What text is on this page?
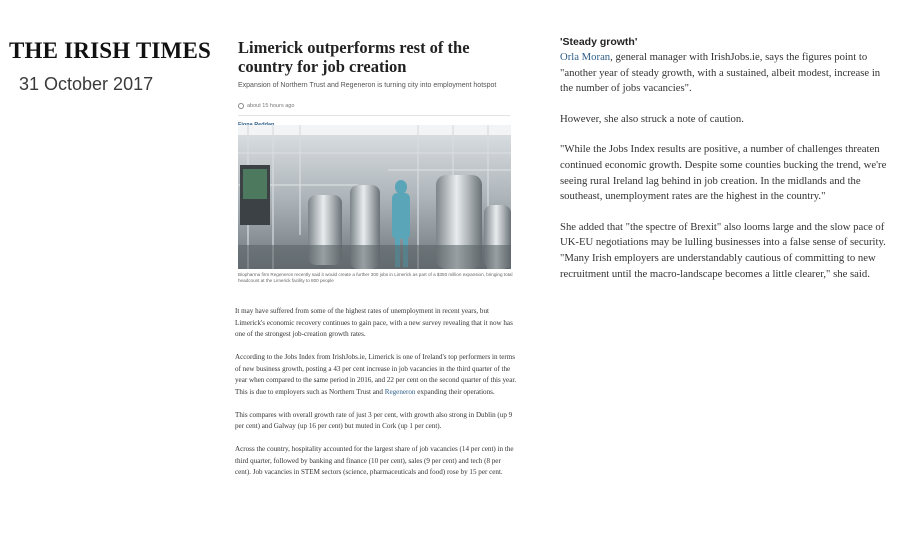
THE IRISH TIMES
31 October 2017
Limerick outperforms rest of the country for job creation
Expansion of Northern Trust and Regeneron is turning city into employment hotspot
about 15 hours ago
Biopharma firm Regeneron recently said it would create a further 300 jobs in Limerick as part of a $350 million expansion, bringing total headcount at the Limerick facility to 800 people

It may have suffered from some of the highest rates of unemployment in recent years, but Limerick's economic recovery continues to gain pace, with a new survey revealing that it now has one of the strongest job-creation growth rates.

According to the Jobs Index from IrishJobs.ie, Limerick is one of Ireland's top performers in terms of new business growth, posting a 43 per cent increase in job vacancies in the third quarter of the year when compared to the same period in 2016, and 22 per cent on the second quarter of this year. This is due to employers such as Northern Trust and Regeneron expanding their operations.

This compares with overall growth rate of just 3 per cent, with growth also strong in Dublin (up 9 per cent) and Galway (up 16 per cent) but muted in Cork (up 1 per cent).

Across the country, hospitality accounted for the largest share of job vacancies (14 per cent) in the third quarter, followed by banking and finance (10 per cent), sales (9 per cent) and tech (8 per cent). Job vacancies in STEM sectors (science, pharmaceuticals and food) rose by 15 per cent.

'Steady growth'

Orla Moran, general manager with IrishJobs.ie, says the figures point to "another year of steady growth, with a sustained, albeit modest, increase in the number of jobs vacancies".

However, she also struck a note of caution.

"While the Jobs Index results are positive, a number of challenges threaten continued economic growth. Despite some counties bucking the trend, we're seeing rural Ireland lag behind in job creation. In the midlands and the southeast, unemployment rates are the highest in the country."

She added that "the spectre of Brexit" also looms large and the slow pace of UK-EU negotiations may be lulling businesses into a false sense of security. "Many Irish employers are understandably cautious of committing to new recruitment until the macro-landscape becomes a little clearer," she said.
